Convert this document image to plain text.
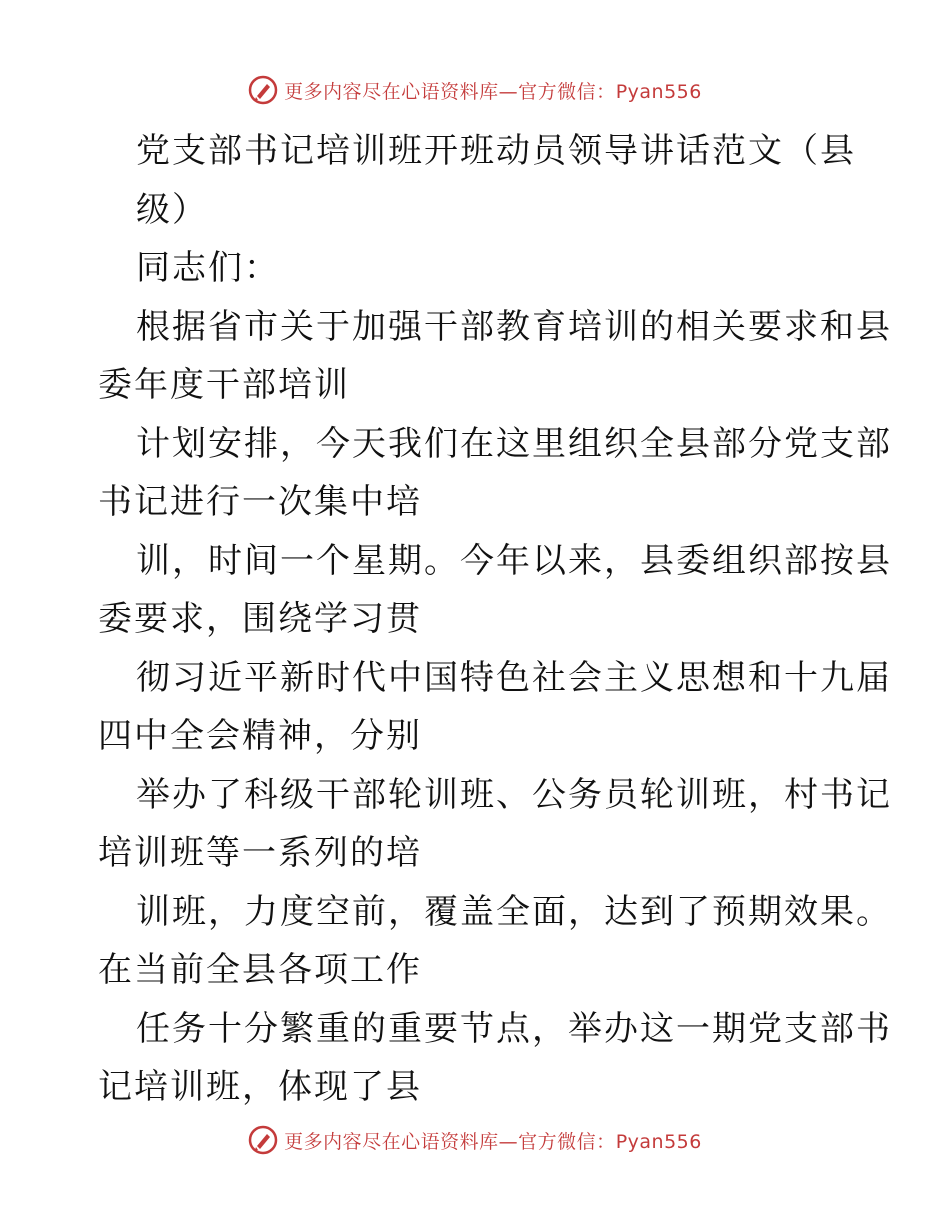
更多内容尽在心语资料库—官方微信：Pyan556
党支部书记培训班开班动员领导讲话范文（县
级）
同志们：
根据省市关于加强干部教育培训的相关要求和县
委年度干部培训
计划安排，今天我们在这里组织全县部分党支部
书记进行一次集中培
训，时间一个星期。今年以来，县委组织部按县
委要求，围绕学习贯
彻习近平新时代中国特色社会主义思想和十九届
四中全会精神，分别
举办了科级干部轮训班、公务员轮训班，村书记
培训班等一系列的培
训班，力度空前，覆盖全面，达到了预期效果。
在当前全县各项工作
任务十分繁重的重要节点，举办这一期党支部书
记培训班，体现了县
更多内容尽在心语资料库—官方微信：Pyan556
